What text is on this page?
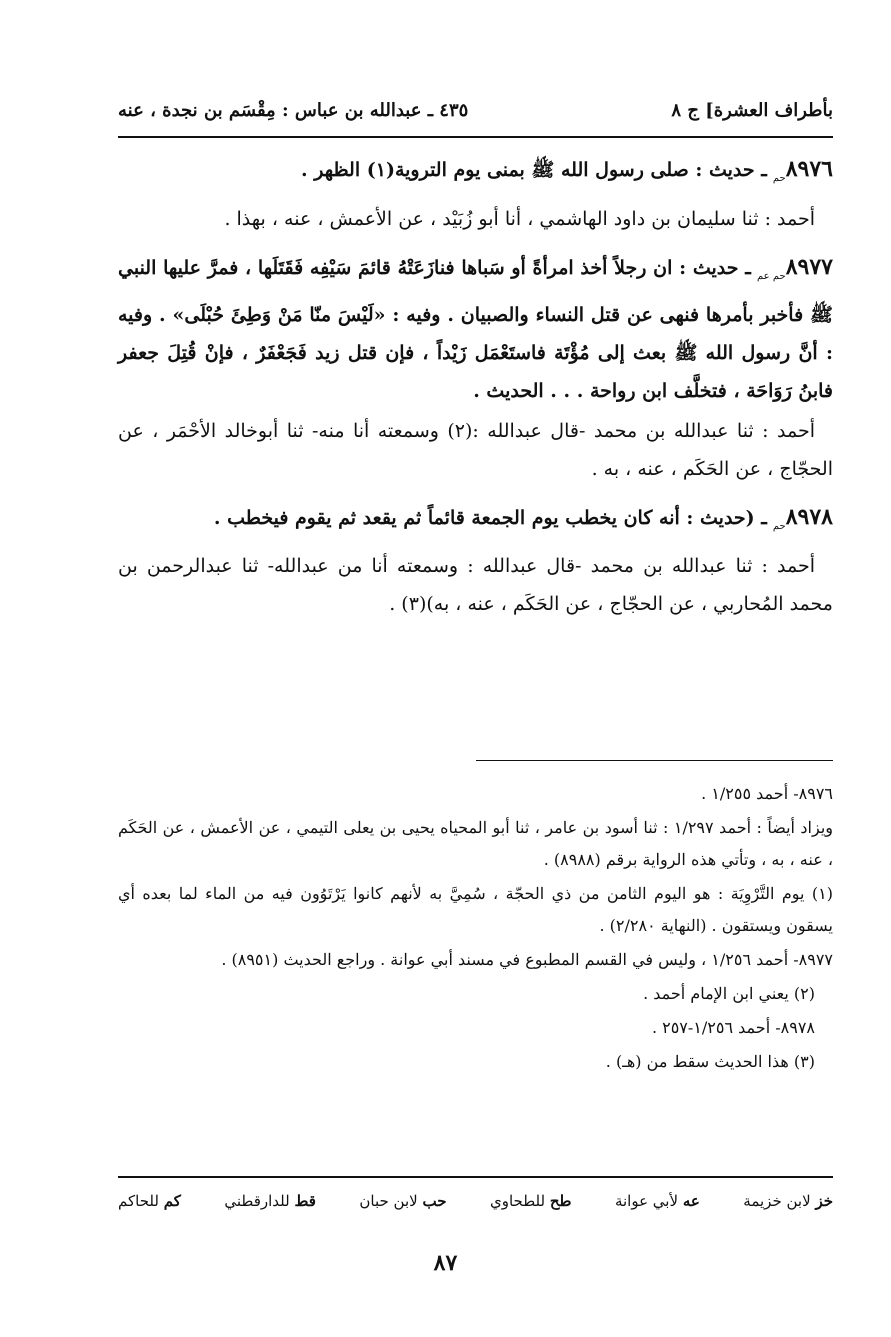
بأطراف العشرة] ج ٨
٤٣٥ ـ عبدالله بن عباس : مِقْسَم بن نجدة ، عنه
$٨٩٧٦_{حم}$ ـ حديث : صلى رسول الله ﷺ بمنى يوم التروية(١) الظهر .
أحمد : ثنا سليمان بن داود الهاشمي ، أنا أبو زُبَيْد ، عن الأعمش ، عنه ، بهذا .
$٨٩٧٧_{حم عم}$ ـ حديث : ان رجلاً أخذ امرأةً أو سَباها فنازَعَتْهُ قائمَ سَيْفِه فَقَتَلَها ، فمرَّ عليها النبي ﷺ فأخبر بأمرها فنهى عن قتل النساء والصبيان . وفيه : «لَيْسَ منّا مَنْ وَطِئَ حُبْلَى» . وفيه : أنَّ رسول الله ﷺ بعث إلى مُؤْتَة فاستَعْمَل زَيْداً ، فإن قتل زيد فَجَعْفَرٌ ، فإنْ قُتِلَ جعفر فابنُ رَوَاحَة ، فتخلَّف ابن رواحة . . . الحديث .
أحمد : ثنا عبدالله بن محمد -قال عبدالله :(٢) وسمعته أنا منه- ثنا أبوخالد الأحْمَر ، عن الحجّاج ، عن الحَكَم ، عنه ، به .
$٨٩٧٨_{حم}$ ـ (حديث : أنه كان يخطب يوم الجمعة قائماً ثم يقعد ثم يقوم فيخطب .
أحمد : ثنا عبدالله بن محمد -قال عبدالله : وسمعته أنا من عبدالله- ثنا عبدالرحمن بن محمد المُحاربي ، عن الحجّاج ، عن الحَكَم ، عنه ، به)(٣) .

٨٩٧٦- أحمد ١/٢٥٥ .

ويزاد أيضاً : أحمد ١/٢٩٧ : ثنا أسود بن عامر ، ثنا أبو المحياه يحيى بن يعلى التيمي ، عن الأعمش ، عن الحَكَم ، عنه ، به ، وتأتي هذه الرواية برقم (٨٩٨٨) .

(١) يوم التَّرْوِيَة : هو اليوم الثامن من ذي الحجّة ، سُمِيَّ به لأنهم كانوا يَرْتَوُون فيه من الماء لما بعده أي يسقون ويستقون . (النهاية ٢/٢٨٠) .

٨٩٧٧- أحمد ١/٢٥٦ ، وليس في القسم المطبوع في مسند أبي عوانة . وراجع الحديث (٨٩٥١) .

(٢) يعني ابن الإمام أحمد .

٨٩٧٨- أحمد ١/٢٥٦-٢٥٧ .

(٣) هذا الحديث سقط من (هـ) .

خز لابن خزيمة
عه لأبي عوانة
طح للطحاوي
حب لابن حبان
قط للدارقطني
كم للحاكم
٨٧
